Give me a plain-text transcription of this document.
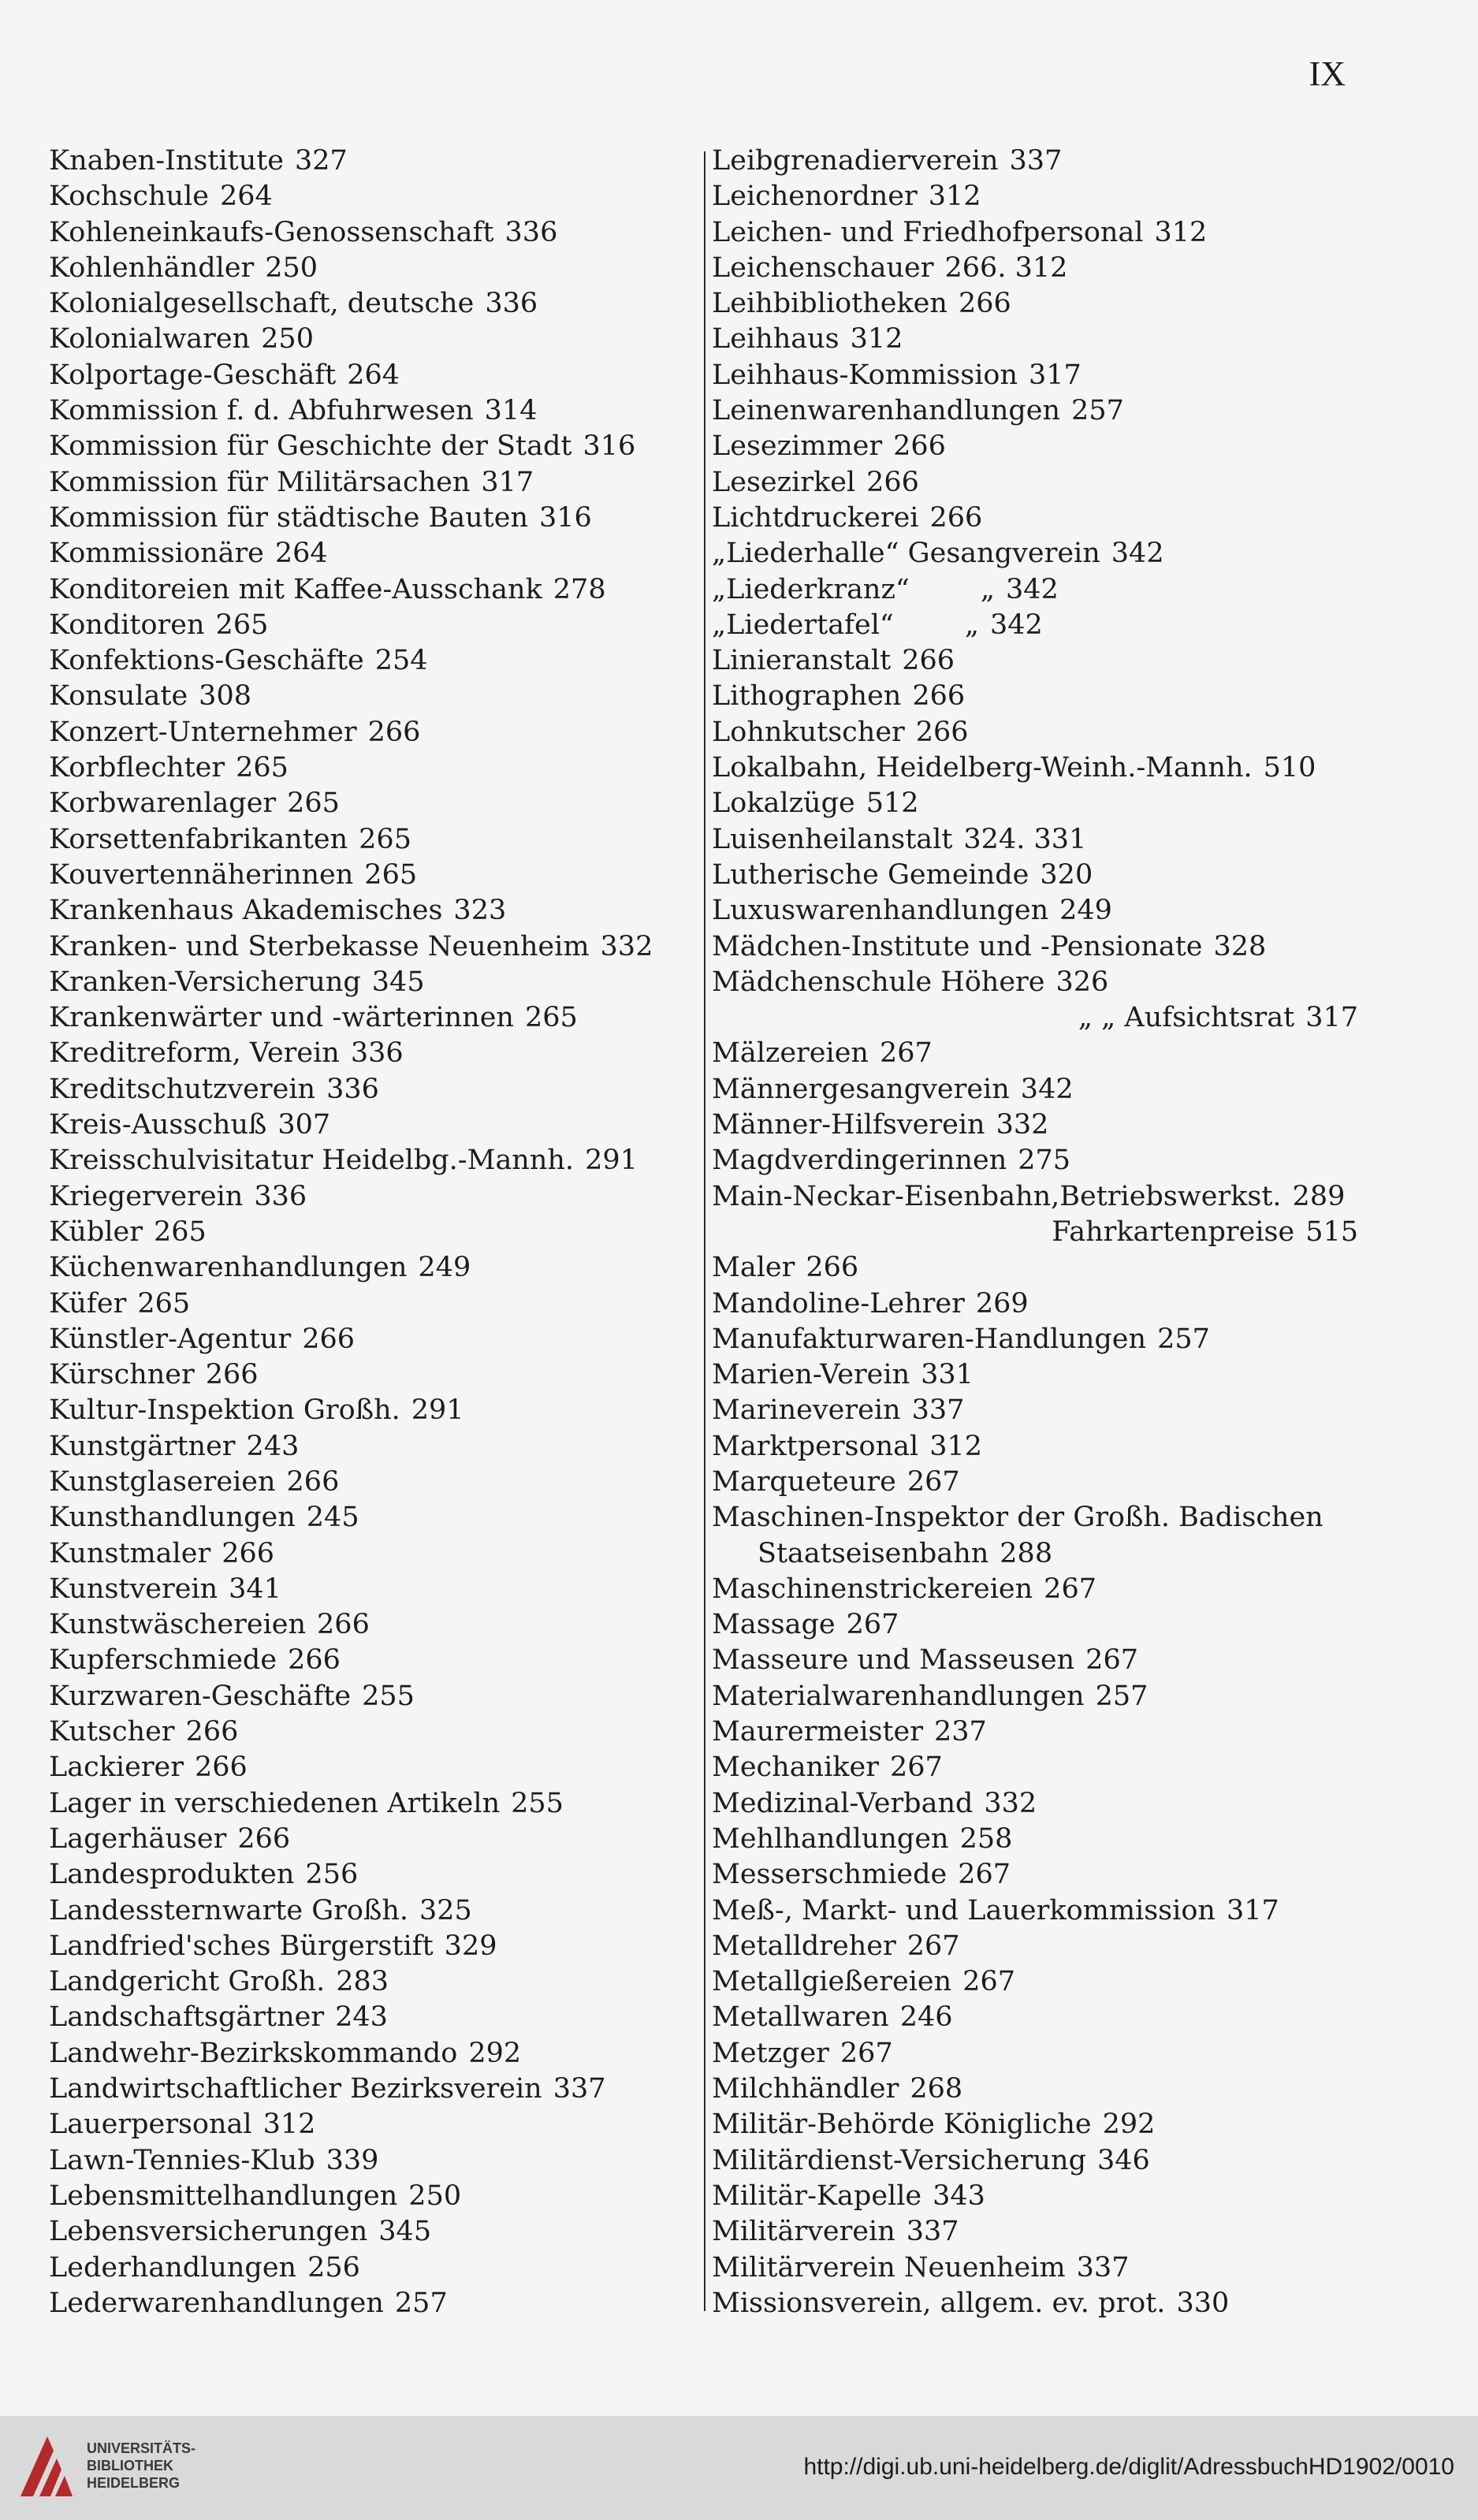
IX
Knaben-Institute 327
Kochschule 264
Kohleneinkaufs-Genossenschaft 336
Kohlenhändler 250
Kolonialgesellschaft, deutsche 336
Kolonialwaren 250
Kolportage-Geschäft 264
Kommission f. d. Abfuhrwesen 314
Kommission für Geschichte der Stadt 316
Kommission für Militärsachen 317
Kommission für städtische Bauten 316
Kommissionäre 264
Konditoreien mit Kaffee-Ausschank 278
Konditoren 265
Konfektions-Geschäfte 254
Konsulate 308
Konzert-Unternehmer 266
Korbflechter 265
Korbwarenlager 265
Korsettenfabrikanten 265
Kouvertennäherinnen 265
Krankenhaus Akademisches 323
Kranken- und Sterbekasse Neuenheim 332
Kranken-Versicherung 345
Krankenwärter und -wärterinnen 265
Kreditreform, Verein 336
Kreditschutzverein 336
Kreis-Ausschuß 307
Kreisschulvisitatur Heidelbg.-Mannh. 291
Kriegerverein 336
Kübler 265
Küchenwarenhandlungen 249
Küfer 265
Künstler-Agentur 266
Kürschner 266
Kultur-Inspektion Großh. 291
Kunstgärtner 243
Kunstglasereien 266
Kunsthandlungen 245
Kunstmaler 266
Kunstverein 341
Kunstwäschereien 266
Kupferschmiede 266
Kurzwaren-Geschäfte 255
Kutscher 266
Lackierer 266
Lager in verschiedenen Artikeln 255
Lagerhäuser 266
Landesprodukten 256
Landessternwarte Großh. 325
Landfried'sches Bürgerstift 329
Landgericht Großh. 283
Landschaftsgärtner 243
Landwehr-Bezirkskommando 292
Landwirtschaftlicher Bezirksverein 337
Lauerpersonal 312
Lawn-Tennies-Klub 339
Lebensmittelhandlungen 250
Lebensversicherungen 345
Lederhandlungen 256
Lederwarenhandlungen 257
Leibgrenadierverein 337
Leichenordner 312
Leichen- und Friedhofpersonal 312
Leichenschauer 266. 312
Leihbibliotheken 266
Leihhaus 312
Leihhaus-Kommission 317
Leinenwarenhandlungen 257
Lesezimmer 266
Lesezirkel 266
Lichtdruckerei 266
„Liederhalle“ Gesangverein 342
„Liederkranz“	„ 342
„Liedertafel“	„ 342
Linieranstalt 266
Lithographen 266
Lohnkutscher 266
Lokalbahn, Heidelberg-Weinh.-Mannh. 510
Lokalzüge 512
Luisenheilanstalt 324. 331
Lutherische Gemeinde 320
Luxuswarenhandlungen 249
Mädchen-Institute und -Pensionate 328
Mädchenschule Höhere 326
„ „ Aufsichtsrat 317
Mälzereien 267
Männergesangverein 342
Männer-Hilfsverein 332
Magdverdingerinnen 275
Main-Neckar-Eisenbahn,Betriebswerkst. 289
Fahrkartenpreise 515
Maler 266
Mandoline-Lehrer 269
Manufakturwaren-Handlungen 257
Marien-Verein 331
Marineverein 337
Marktpersonal 312
Marqueteure 267
Maschinen-Inspektor der Großh. Badischen
Staatseisenbahn 288
Maschinenstrickereien 267
Massage 267
Masseure und Masseusen 267
Materialwarenhandlungen 257
Maurermeister 237
Mechaniker 267
Medizinal-Verband 332
Mehlhandlungen 258
Messerschmiede 267
Meß-, Markt- und Lauerkommission 317
Metalldreher 267
Metallgießereien 267
Metallwaren 246
Metzger 267
Milchhändler 268
Militär-Behörde Königliche 292
Militärdienst-Versicherung 346
Militär-Kapelle 343
Militärverein 337
Militärverein Neuenheim 337
Missionsverein, allgem. ev. prot. 330
UNIVERSITÄTS-
BIBLIOTHEK
HEIDELBERG
http://digi.ub.uni-heidelberg.de/diglit/AdressbuchHD1902/0010
